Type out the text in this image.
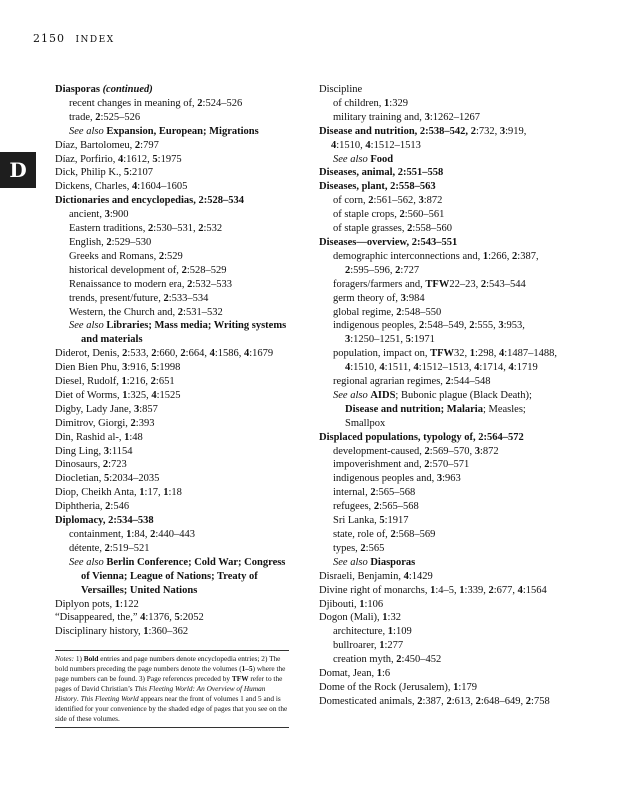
2150 INDEX
D

Diasporas (continued)

recent changes in meaning of, 2:524–526

trade, 2:525–526

See also Expansion, European; Migrations

Díaz, Bartolomeu, 2:797

Díaz, Porfirio, 4:1612, 5:1975

Dick, Philip K., 5:2107

Dickens, Charles, 4:1604–1605

Dictionaries and encyclopedias, 2:528–534

ancient, 3:900

Eastern traditions, 2:530–531, 2:532

English, 2:529–530

Greeks and Romans, 2:529

historical development of, 2:528–529

Renaissance to modern era, 2:532–533

trends, present/future, 2:533–534

Western, the Church and, 2:531–532

See also Libraries; Mass media; Writing systems and materials

Diderot, Denis, 2:533, 2:660, 2:664, 4:1586, 4:1679

Dien Bien Phu, 3:916, 5:1998

Diesel, Rudolf, 1:216, 2:651

Diet of Worms, 1:325, 4:1525

Digby, Lady Jane, 3:857

Dimitrov, Giorgi, 2:393

Din, Rashid al-, 1:48

Ding Ling, 3:1154

Dinosaurs, 2:723

Diocletian, 5:2034–2035

Diop, Cheikh Anta, 1:17, 1:18

Diphtheria, 2:546

Diplomacy, 2:534–538

containment, 1:84, 2:440–443

détente, 2:519–521

See also Berlin Conference; Cold War; Congress of Vienna; League of Nations; Treaty of Versailles; United Nations

Diplyon pots, 1:122

“Disappeared, the,” 4:1376, 5:2052

Disciplinary history, 1:360–362

Discipline

of children, 1:329

military training and, 3:1262–1267

Disease and nutrition, 2:538–542, 2:732, 3:919, 4:1510, 4:1512–1513

See also Food

Diseases, animal, 2:551–558

Diseases, plant, 2:558–563

of corn, 2:561–562, 3:872

of staple crops, 2:560–561

of staple grasses, 2:558–560

Diseases—overview, 2:543–551

demographic interconnections and, 1:266, 2:387, 2:595–596, 2:727

foragers/farmers and, TFW22–23, 2:543–544

germ theory of, 3:984

global regime, 2:548–550

indigenous peoples, 2:548–549, 2:555, 3:953, 3:1250–1251, 5:1971

population, impact on, TFW32, 1:298, 4:1487–1488, 4:1510, 4:1511, 4:1512–1513, 4:1714, 4:1719

regional agrarian regimes, 2:544–548

See also AIDS; Bubonic plague (Black Death); Disease and nutrition; Malaria; Measles; Smallpox

Displaced populations, typology of, 2:564–572

development-caused, 2:569–570, 3:872

impoverishment and, 2:570–571

indigenous peoples and, 3:963

internal, 2:565–568

refugees, 2:565–568

Sri Lanka, 5:1917

state, role of, 2:568–569

types, 2:565

See also Diasporas

Disraeli, Benjamin, 4:1429

Divine right of monarchs, 1:4–5, 1:339, 2:677, 4:1564

Djibouti, 1:106

Dogon (Mali), 1:32

architecture, 1:109

bullroarer, 1:277

creation myth, 2:450–452

Domat, Jean, 1:6

Dome of the Rock (Jerusalem), 1:179

Domesticated animals, 2:387, 2:613, 2:648–649, 2:758

Notes: 1) Bold entries and page numbers denote encyclopedia entries; 2) The bold numbers preceding the page numbers denote the volumes (1–5) where the page numbers can be found. 3) Page references preceded by TFW refer to the pages of David Christian’s This Fleeting World: An Overview of Human History. This Fleeting World appears near the front of volumes 1 and 5 and is identified for your convenience by the shaded edge of pages that you see on the side of these volumes.
